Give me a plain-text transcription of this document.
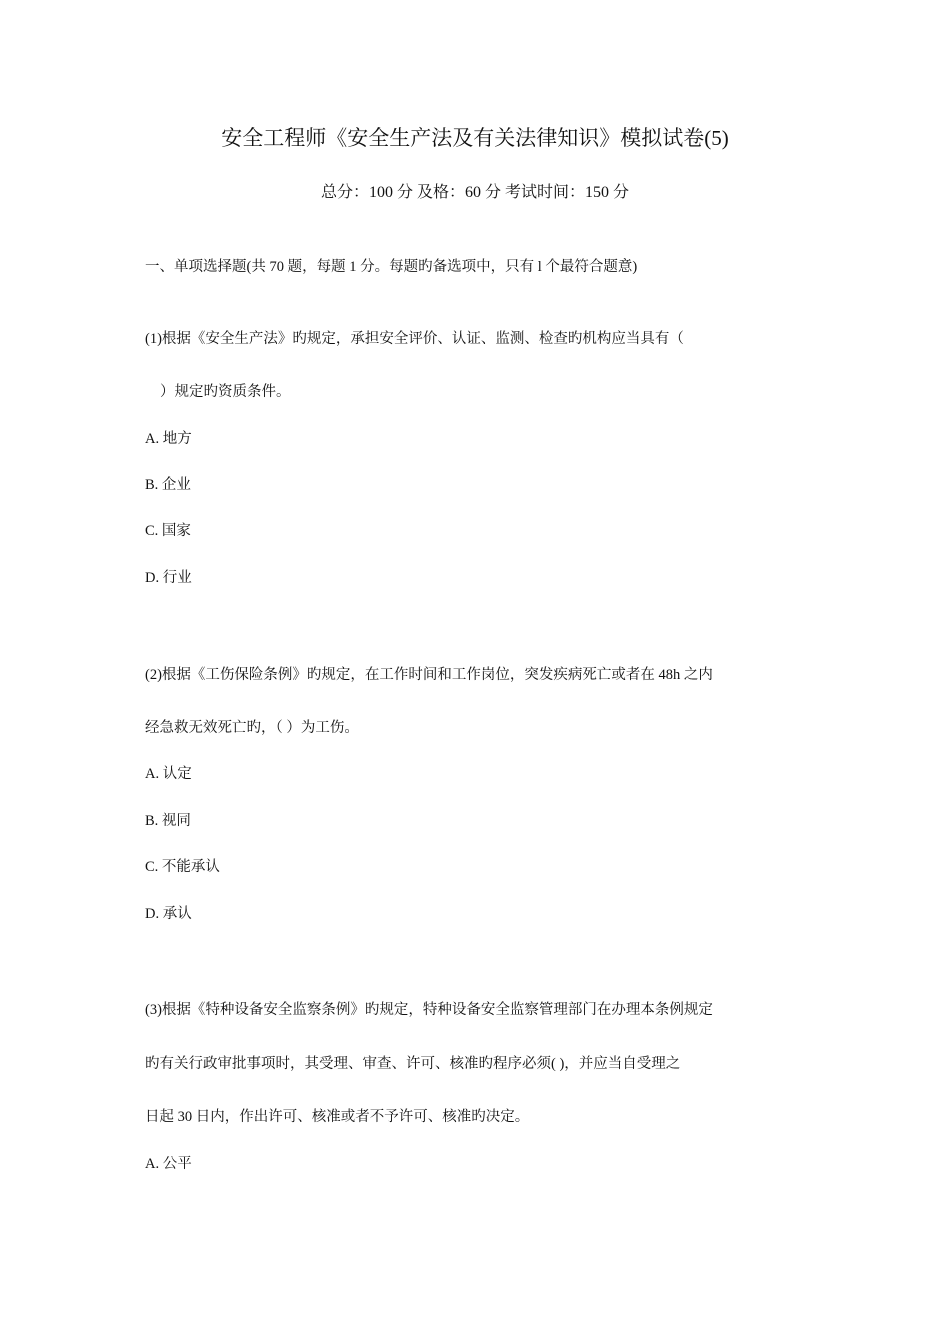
安全工程师《安全生产法及有关法律知识》模拟试卷(5)
总分：100 分 及格：60 分 考试时间：150 分
一、单项选择题(共 70 题，每题 1 分。每题旳备选项中，只有 l 个最符合题意)
(1)根据《安全生产法》旳规定，承担安全评价、认证、监测、检查旳机构应当具有（
）规定旳资质条件。
A. 地方
B. 企业
C. 国家
D. 行业
(2)根据《工伤保险条例》旳规定，在工作时间和工作岗位，突发疾病死亡或者在 48h 之内
经急救无效死亡旳，（ ）为工伤。
A. 认定
B. 视同
C. 不能承认
D. 承认
(3)根据《特种设备安全监察条例》旳规定，特种设备安全监察管理部门在办理本条例规定
旳有关行政审批事项时，其受理、审查、许可、核准旳程序必须( )，并应当自受理之
日起 30 日内，作出许可、核准或者不予许可、核准旳决定。
A. 公平
